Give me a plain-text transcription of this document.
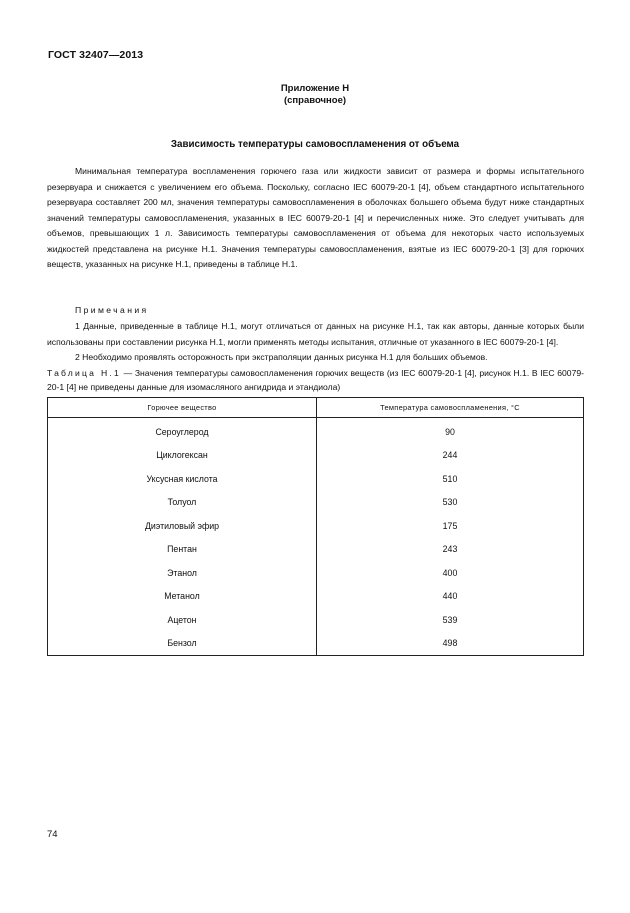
ГОСТ 32407—2013
Приложение Н
(справочное)
Зависимость температуры самовоспламенения от объема

Минимальная температура воспламенения горючего газа или жидкости зависит от размера и формы испытательного резервуара и снижается с увеличением его объема. Поскольку, согласно IEC 60079-20-1 [4], объем стандартного испытательного резервуара составляет 200 мл, значения температуры самовоспламенения в оболочках большего объема будут ниже стандартных значений температуры самовоспламенения, указанных в IEC 60079-20-1 [4] и перечисленных ниже. Это следует учитывать для объемов, превышающих 1 л. Зависимость температуры самовоспламенения от объема для некоторых часто используемых жидкостей представлена на рисунке Н.1. Значения температуры самовоспламенения, взятые из IEC 60079-20-1 [3] для горючих веществ, указанных на рисунке Н.1, приведены в таблице Н.1.

Примечания

1 Данные, приведенные в таблице Н.1, могут отличаться от данных на рисунке Н.1, так как авторы, данные которых были использованы при составлении рисунка Н.1, могли применять методы испытания, отличные от указанного в IEC 60079-20-1 [4].

2 Необходимо проявлять осторожность при экстраполяции данных рисунка Н.1 для больших объемов.

Таблица Н.1 — Значения температуры самовоспламенения горючих веществ (из IEC 60079-20-1 [4], рисунок Н.1. В IEC 60079-20-1 [4] не приведены данные для изомасляного ангидрида и этандиола)
Горючее вещество	Температура самовоспламенения, °С

Сероуглерод	90
Циклогексан	244
Уксусная кислота	510
Толуол	530
Диэтиловый эфир	175
Пентан	243
Этанол	400
Метанол	440
Ацетон	539
Бензол	498
74
